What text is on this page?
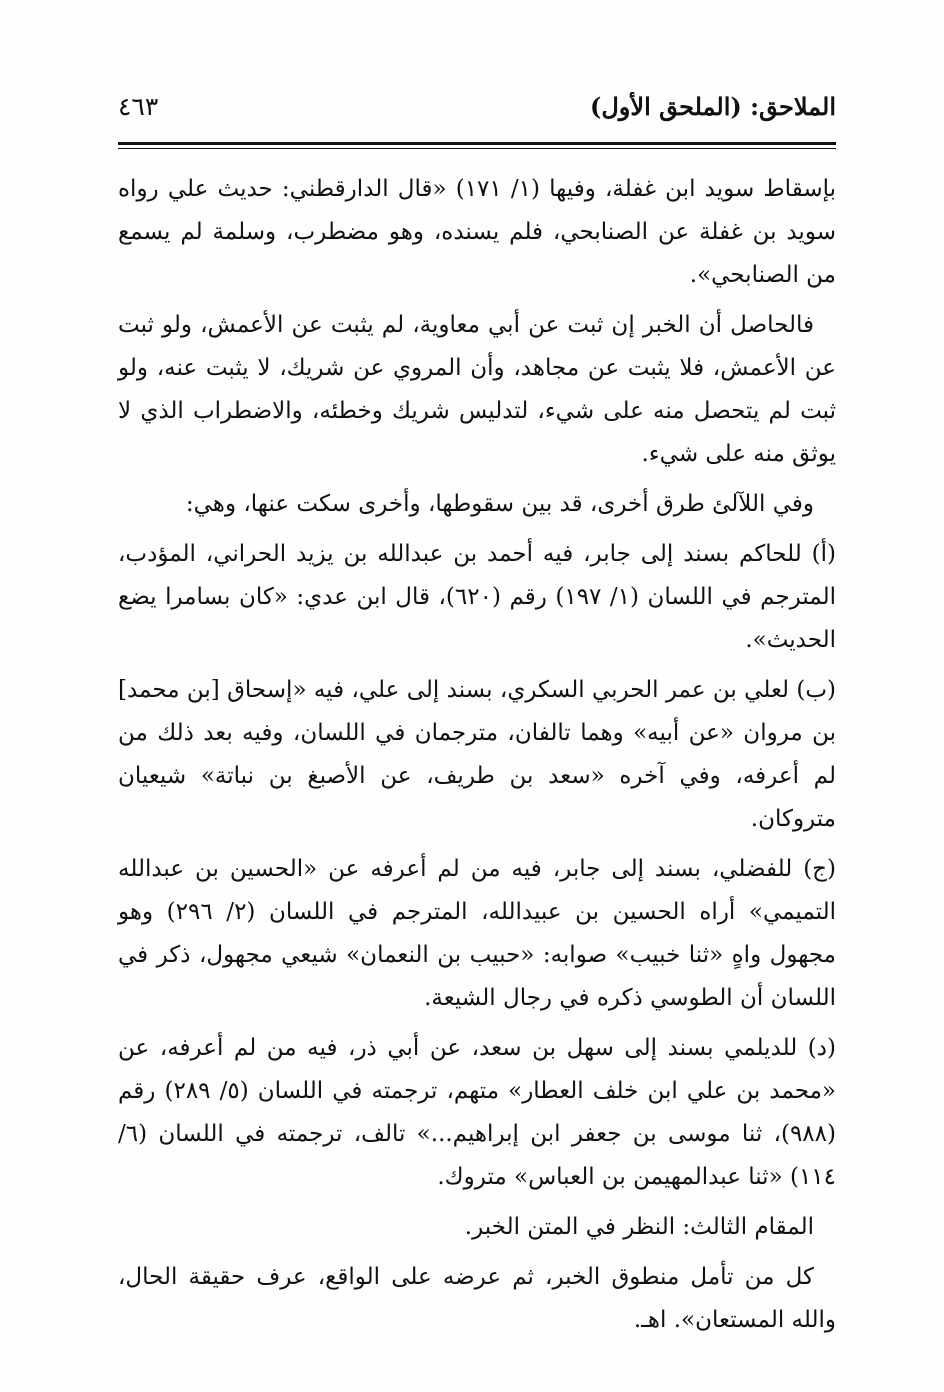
الملاحق: (الملحق الأول)
٤٦٣

بإسقاط سويد ابن غفلة، وفيها (١/ ١٧١) «قال الدارقطني: حديث علي رواه سويد بن غفلة عن الصنابحي، فلم يسنده، وهو مضطرب، وسلمة لم يسمع من الصنابحي».

فالحاصل أن الخبر إن ثبت عن أبي معاوية، لم يثبت عن الأعمش، ولو ثبت عن الأعمش، فلا يثبت عن مجاهد، وأن المروي عن شريك، لا يثبت عنه، ولو ثبت لم يتحصل منه على شيء، لتدليس شريك وخطئه، والاضطراب الذي لا يوثق منه على شيء.

وفي اللآلئ طرق أخرى، قد بين سقوطها، وأخرى سكت عنها، وهي:

(أ) للحاكم بسند إلى جابر، فيه أحمد بن عبدالله بن يزيد الحراني، المؤدب، المترجم في اللسان (١/ ١٩٧) رقم (٦٢٠)، قال ابن عدي: «كان بسامرا يضع الحديث».

(ب) لعلي بن عمر الحربي السكري، بسند إلى علي، فيه «إسحاق [بن محمد] بن مروان «عن أبيه» وهما تالفان، مترجمان في اللسان، وفيه بعد ذلك من لم أعرفه، وفي آخره «سعد بن طريف، عن الأصبغ بن نباتة» شيعيان متروكان.

(ج) للفضلي، بسند إلى جابر، فيه من لم أعرفه عن «الحسين بن عبدالله التميمي» أراه الحسين بن عبيدالله، المترجم في اللسان (٢/ ٢٩٦) وهو مجهول واهٍ «ثنا خبيب» صوابه: «حبيب بن النعمان» شيعي مجهول، ذكر في اللسان أن الطوسي ذكره في رجال الشيعة.

(د) للديلمي بسند إلى سهل بن سعد، عن أبي ذر، فيه من لم أعرفه، عن «محمد بن علي ابن خلف العطار» متهم، ترجمته في اللسان (٥/ ٢٨٩) رقم (٩٨٨)، ثنا موسى بن جعفر ابن إبراهيم...» تالف، ترجمته في اللسان (٦/ ١١٤) «ثنا عبدالمهيمن بن العباس» متروك.

المقام الثالث: النظر في المتن الخبر.

كل من تأمل منطوق الخبر، ثم عرضه على الواقع، عرف حقيقة الحال، والله المستعان». اهـ.
